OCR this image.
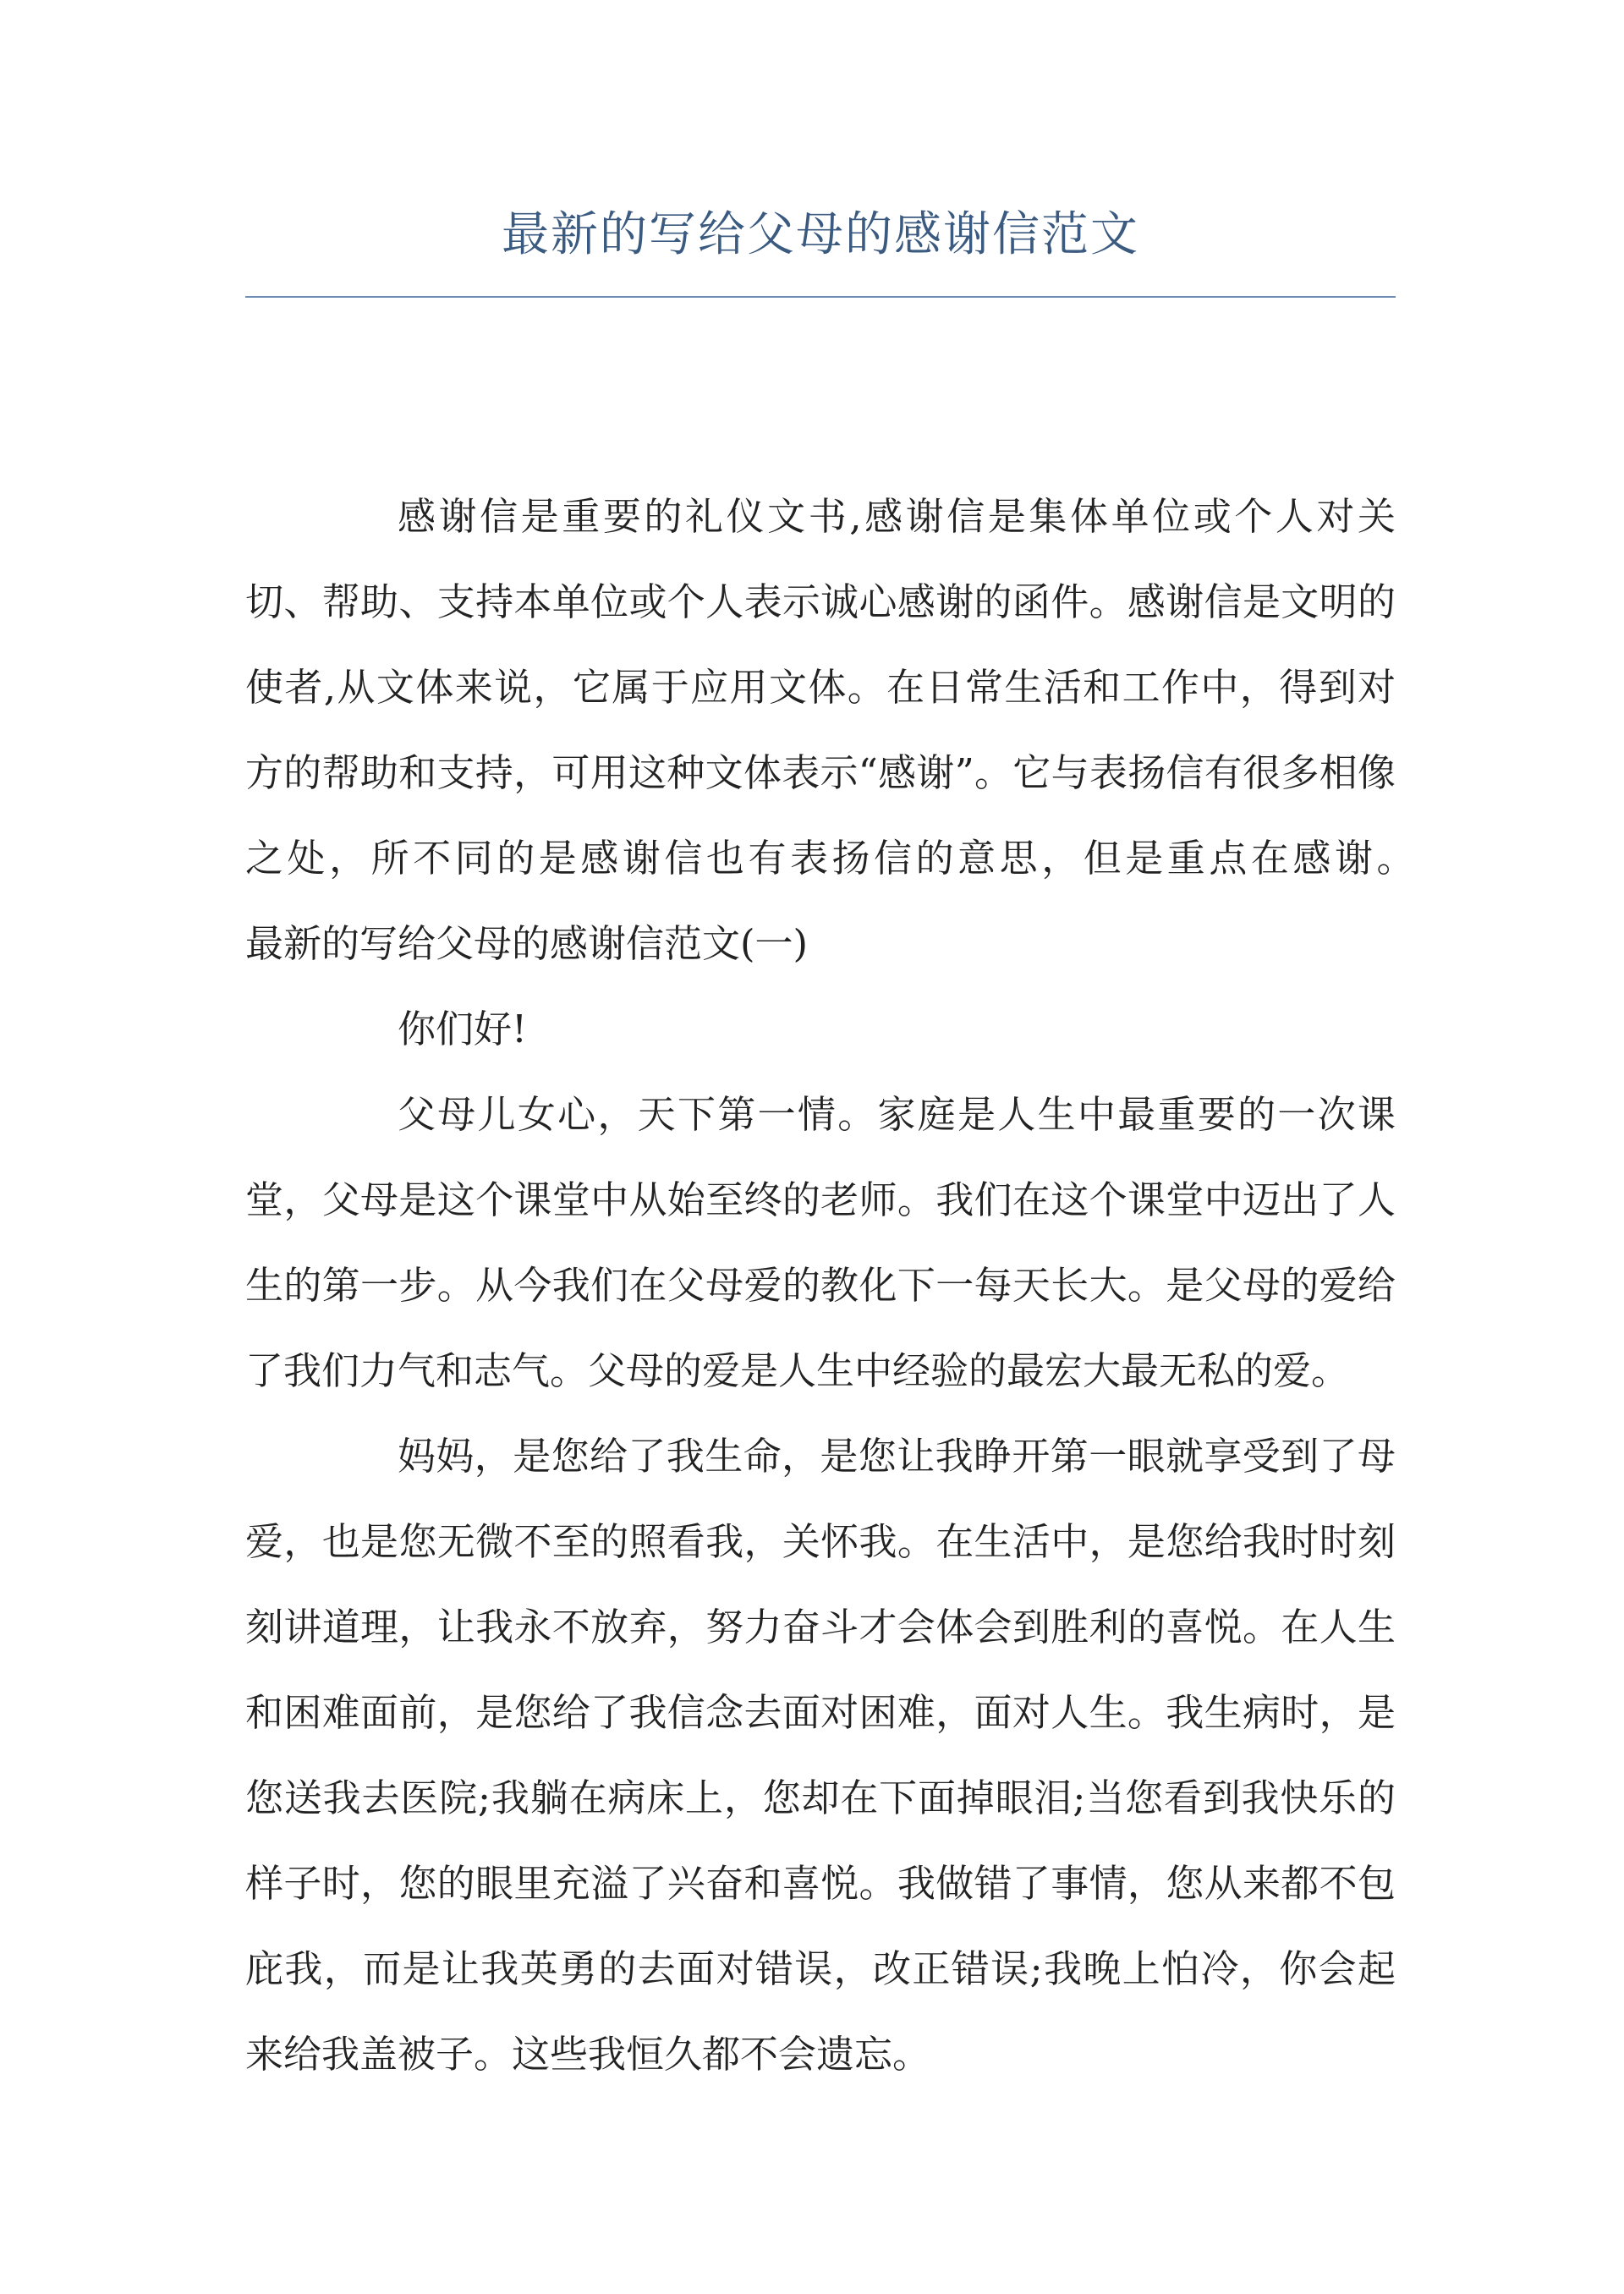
最新的写给父母的感谢信范文

感谢信是重要的礼仪文书,感谢信是集体单位或个人对关切、帮助、支持本单位或个人表示诚心感谢的函件。感谢信是文明的使者,从文体来说，它属于应用文体。在日常生活和工作中，得到对方的帮助和支持，可用这种文体表示“感谢”。它与表扬信有很多相像之处，所不同的是感谢信也有表扬信的意思，但是重点在感谢。　　　　最新的写给父母的感谢信范文(一)

你们好!

父母儿女心，天下第一情。家庭是人生中最重要的一次课堂，父母是这个课堂中从始至终的老师。我们在这个课堂中迈出了人生的第一步。从今我们在父母爱的教化下一每天长大。是父母的爱给了我们力气和志气。父母的爱是人生中经验的最宏大最无私的爱。

妈妈，是您给了我生命，是您让我睁开第一眼就享受到了母爱，也是您无微不至的照看我，关怀我。在生活中，是您给我时时刻刻讲道理，让我永不放弃，努力奋斗才会体会到胜利的喜悦。在人生和困难面前，是您给了我信念去面对困难，面对人生。我生病时，是您送我去医院;我躺在病床上，您却在下面掉眼泪;当您看到我快乐的样子时，您的眼里充溢了兴奋和喜悦。我做错了事情，您从来都不包庇我，而是让我英勇的去面对错误，改正错误;我晚上怕冷，你会起来给我盖被子。这些我恒久都不会遗忘。
